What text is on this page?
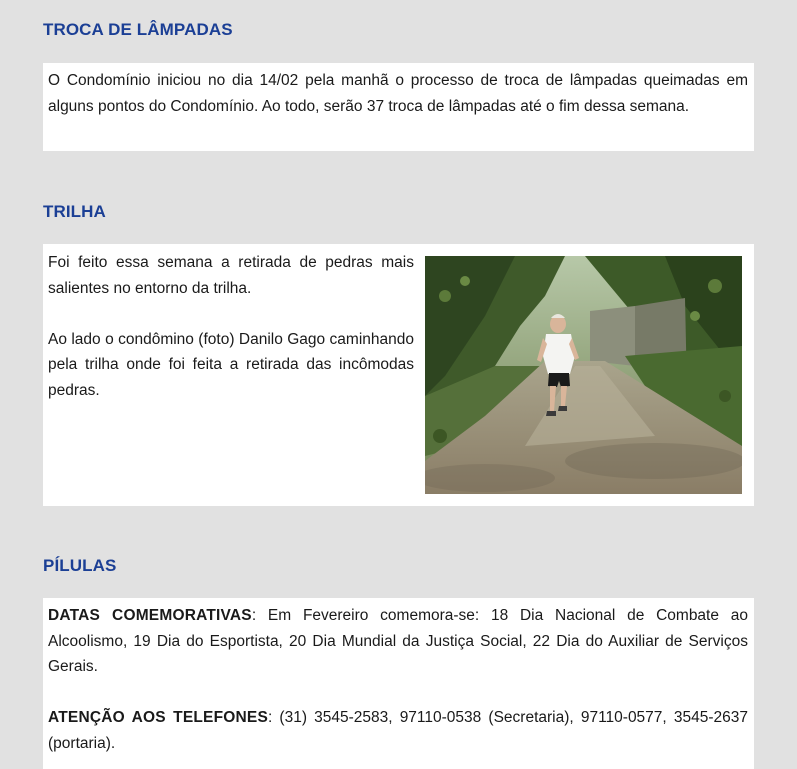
TROCA DE LÂMPADAS

O Condomínio iniciou no dia 14/02 pela manhã o processo de troca de lâmpadas queimadas em alguns pontos do Condomínio. Ao todo, serão 37 troca de lâmpadas até o fim dessa semana.

TRILHA

Foi feito essa semana a retirada de pedras mais salientes no entorno da trilha.

Ao lado o condômino (foto) Danilo Gago caminhando pela trilha onde foi feita a retirada das incômodas pedras.

PÍLULAS

DATAS COMEMORATIVAS: Em Fevereiro comemora-se: 18 Dia Nacional de Combate ao Alcoolismo, 19 Dia do Esportista, 20 Dia Mundial da Justiça Social, 22 Dia do Auxiliar de Serviços Gerais.

ATENÇÃO AOS TELEFONES: (31) 3545-2583, 97110-0538 (Secretaria), 97110-0577, 3545-2637 (portaria).
